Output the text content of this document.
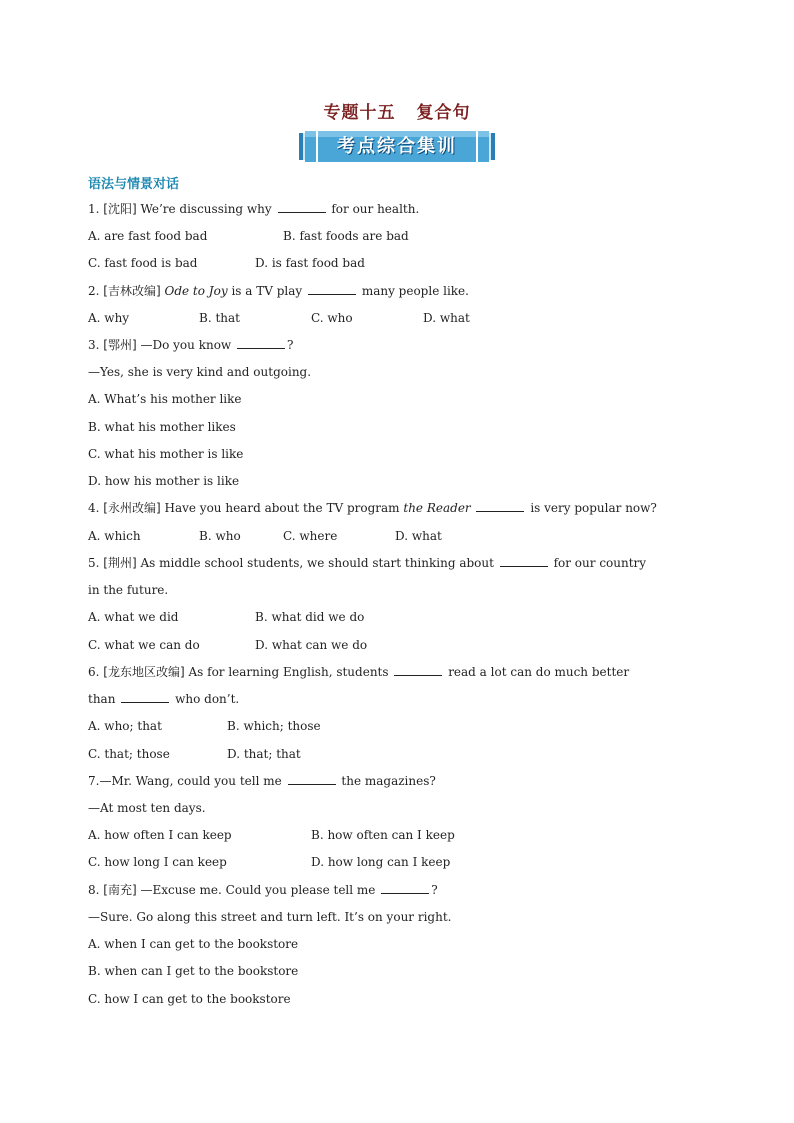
专题十五 复合句
考点综合集训
语法与情景对话
1. [沈阳] We’re discussing why	for our health.
A. are fast food bad	B. fast foods are bad
C. fast food is bad	D. is fast food bad
2. [吉林改编] Ode to Joy is a TV play	many people like.
A. why	B. that	C. who	D. what
3. [鄂州] —Do you know	?
—Yes, she is very kind and outgoing.
A. What’s his mother like
B. what his mother likes
C. what his mother is like
D. how his mother is like
4. [永州改编] Have you heard about the TV program the Reader	is very popular now?
A. which	B. who	C. where	D. what
5. [荆州] As middle school students, we should start thinking about	for our country
in the future.
A. what we did	B. what did we do
C. what we can do	D. what can we do
6. [龙东地区改编] As for learning English, students	read a lot can do much better
than	who don’t.
A. who; that	B. which; those
C. that; those	D. that; that
7.—Mr. Wang, could you tell me	the magazines?
—At most ten days.
A. how often I can keep	B. how often can I keep
C. how long I can keep	D. how long can I keep
8. [南充] —Excuse me. Could you please tell me	?
—Sure. Go along this street and turn left. It’s on your right.
A. when I can get to the bookstore
B. when can I get to the bookstore
C. how I can get to the bookstore
